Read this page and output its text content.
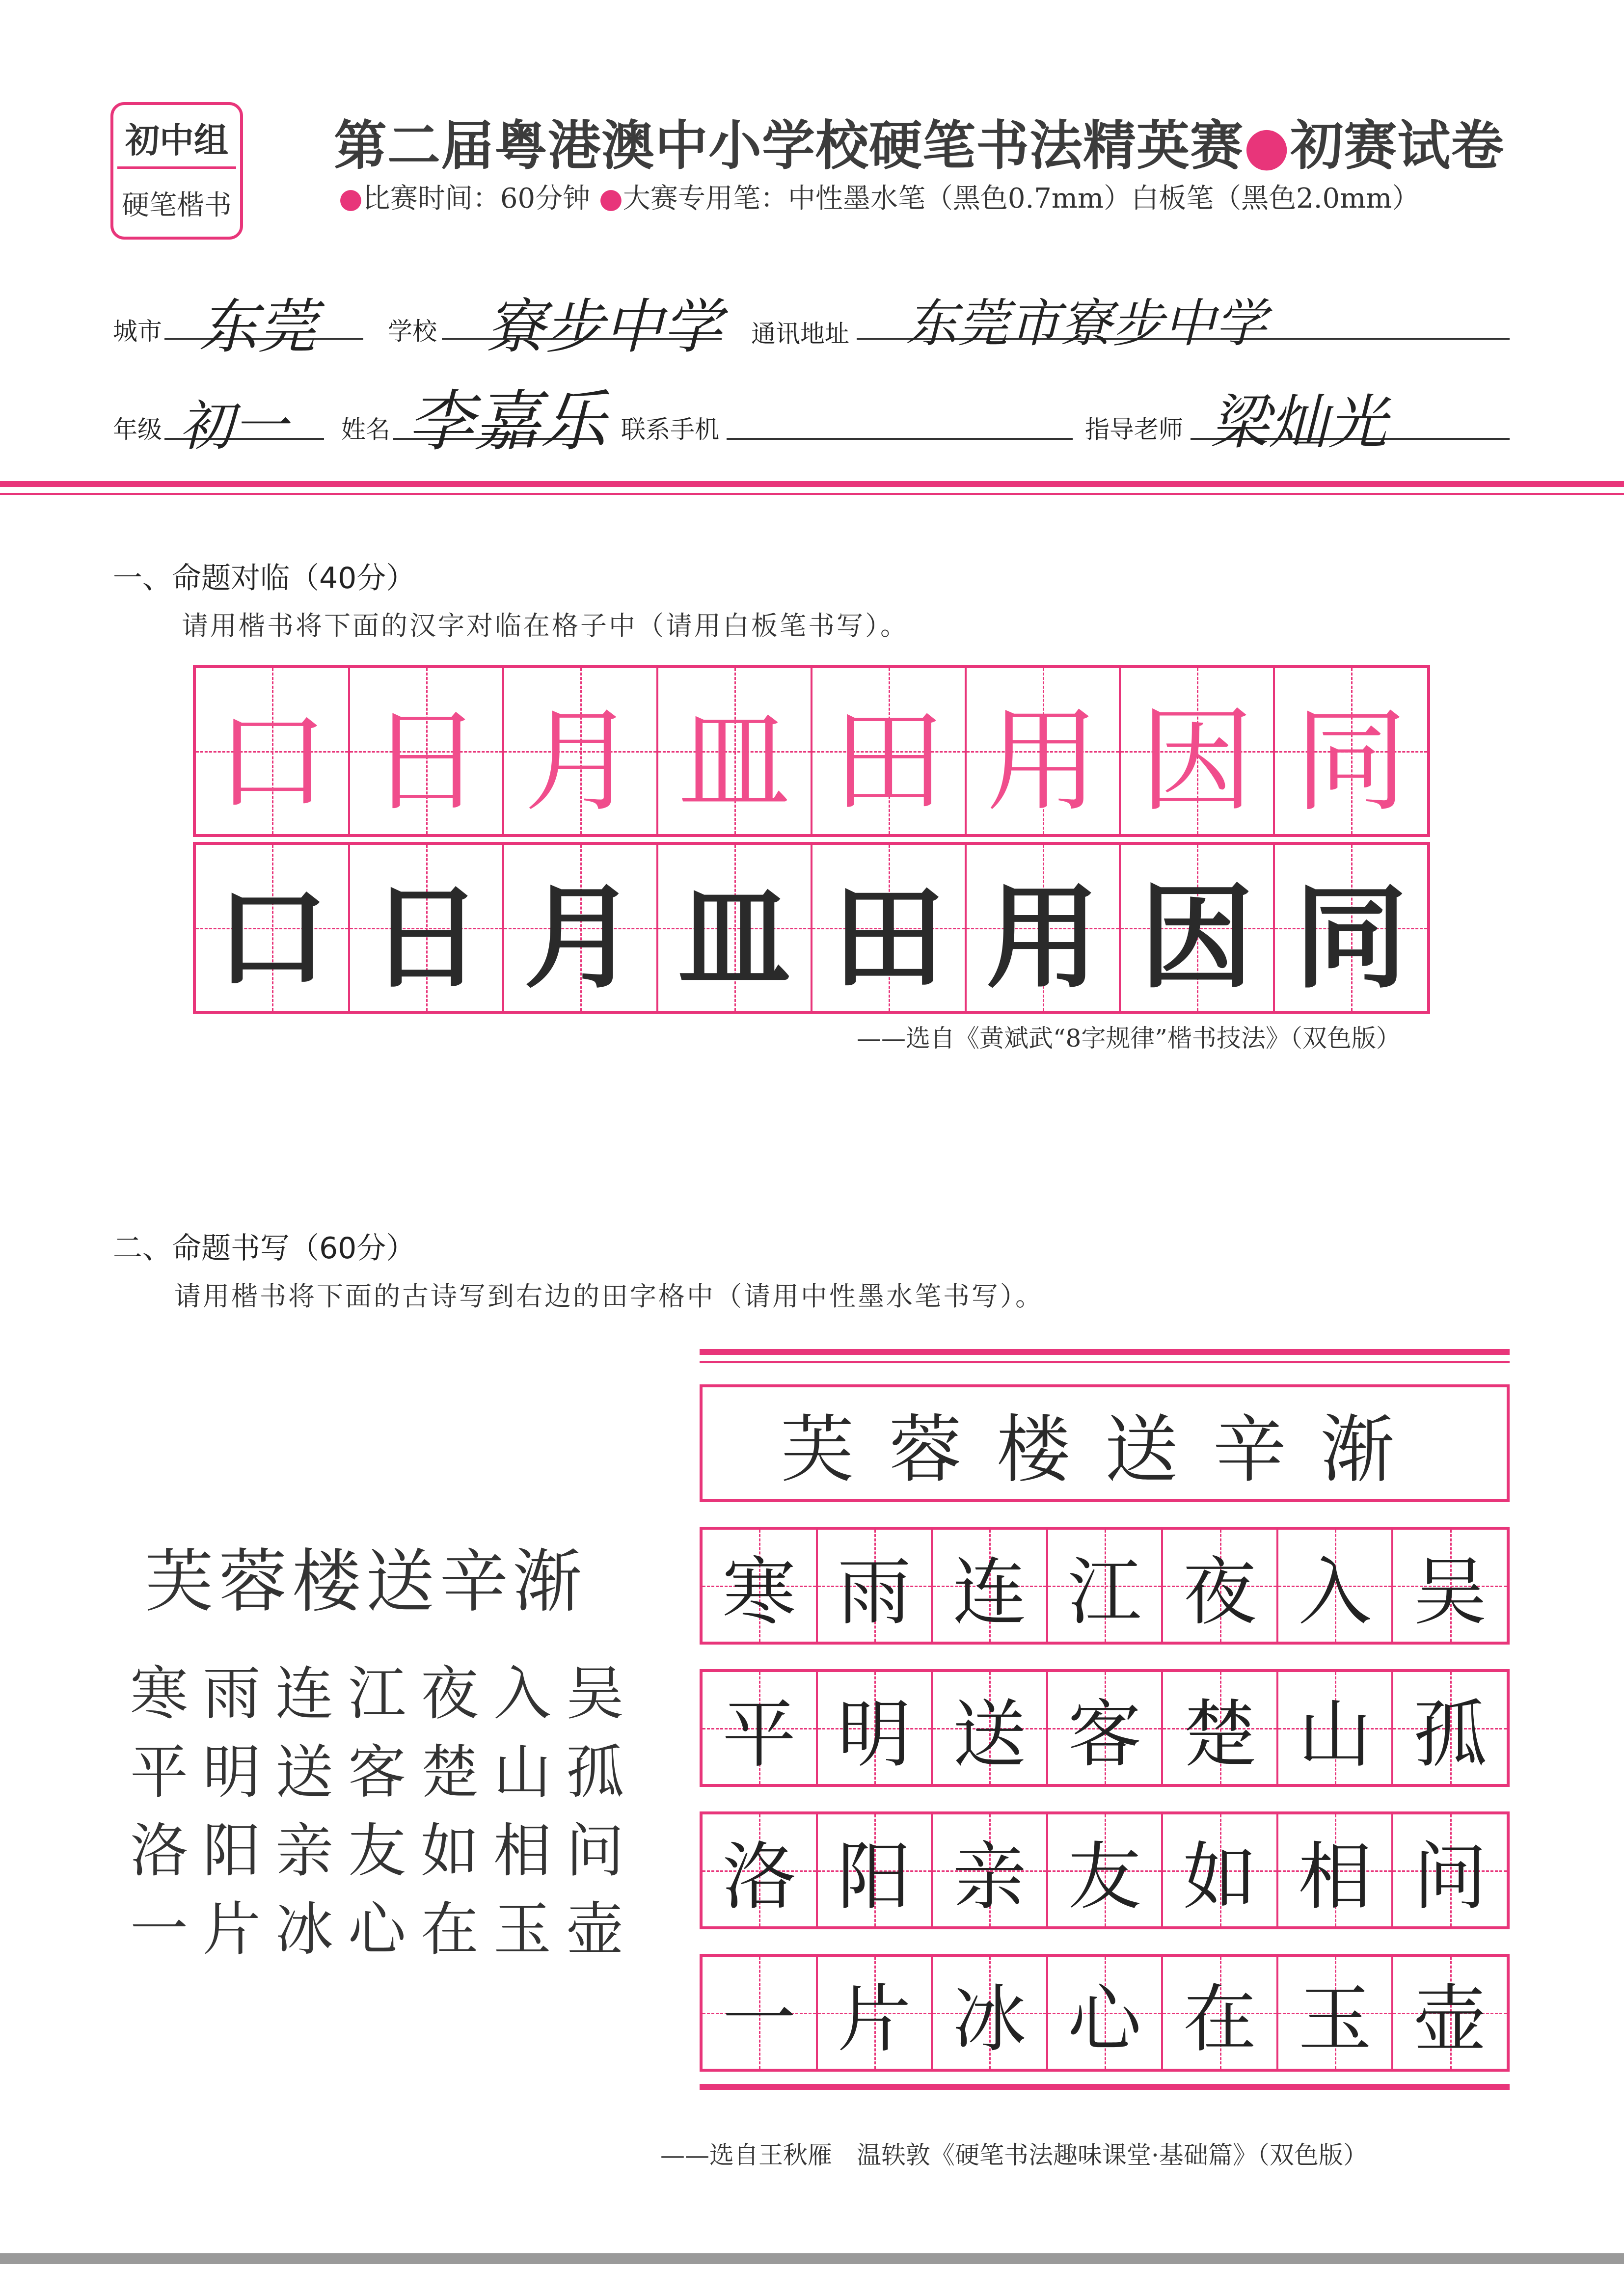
初中组
硬笔楷书
第二届粤港澳中小学校硬笔书法精英赛●初赛试卷
●比赛时间：60分钟 ●大赛专用笔：中性墨水笔（黑色0.7mm）白板笔（黑色2.0mm）
城市 东莞	学校 寮步中学 通讯地址 东莞市寮步中学
年级 初一 姓名 李嘉乐 联系手机	指导老师 梁灿光
一、命题对临（40分）
请用楷书将下面的汉字对临在格子中（请用白板笔书写）。
口 日 月 皿 田 用 因 同
口 日 月 皿 田 用 因 同
——选自《黄斌武“8字规律”楷书技法》（双色版）
二、命题书写（60分）
请用楷书将下面的古诗写到右边的田字格中（请用中性墨水笔书写）。
芙蓉楼送辛渐
寒雨连江夜入吴
平明送客楚山孤
洛阳亲友如相问
一片冰心在玉壶
芙蓉楼送辛渐
寒 雨 连 江 夜 入 吴
平 明 送 客 楚 山 孤
洛 阳 亲 友 如 相 问
一 片 冰 心 在 玉 壶
——选自王秋雁　温轶敦《硬笔书法趣味课堂·基础篇》（双色版）
